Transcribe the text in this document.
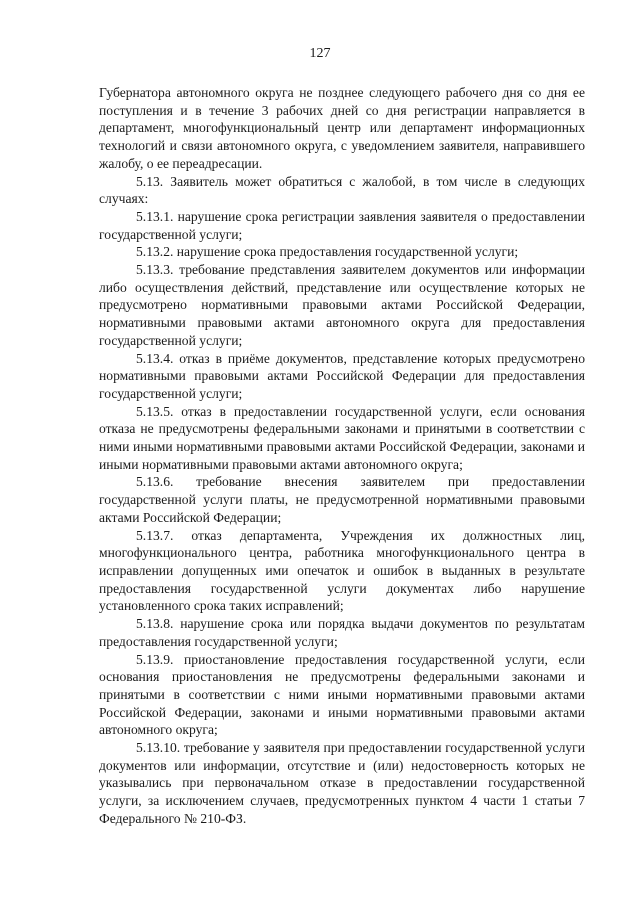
127

Губернатора автономного округа не позднее следующего рабочего дня со дня ее поступления и в течение 3 рабочих дней со дня регистрации направляется в департамент, многофункциональный центр или департамент информационных технологий и связи автономного округа, с уведомлением заявителя, направившего жалобу, о ее переадресации.

5.13. Заявитель может обратиться с жалобой, в том числе в следующих случаях:

5.13.1. нарушение срока регистрации заявления заявителя о предоставлении государственной услуги;

5.13.2. нарушение срока предоставления государственной услуги;

5.13.3. требование представления заявителем документов или информации либо осуществления действий, представление или осуществление которых не предусмотрено нормативными правовыми актами Российской Федерации, нормативными правовыми актами автономного округа для предоставления государственной услуги;

5.13.4. отказ в приёме документов, представление которых предусмотрено нормативными правовыми актами Российской Федерации для предоставления государственной услуги;

5.13.5. отказ в предоставлении государственной услуги, если основания отказа не предусмотрены федеральными законами и принятыми в соответствии с ними иными нормативными правовыми актами Российской Федерации, законами и иными нормативными правовыми актами автономного округа;

5.13.6. требование внесения заявителем при предоставлении государственной услуги платы, не предусмотренной нормативными правовыми актами Российской Федерации;

5.13.7. отказ департамента, Учреждения их должностных лиц, многофункционального центра, работника многофункционального центра в исправлении допущенных ими опечаток и ошибок в выданных в результате предоставления государственной услуги документах либо нарушение установленного срока таких исправлений;

5.13.8. нарушение срока или порядка выдачи документов по результатам предоставления государственной услуги;

5.13.9. приостановление предоставления государственной услуги, если основания приостановления не предусмотрены федеральными законами и принятыми в соответствии с ними иными нормативными правовыми актами Российской Федерации, законами и иными нормативными правовыми актами автономного округа;

5.13.10. требование у заявителя при предоставлении государственной услуги документов или информации, отсутствие и (или) недостоверность которых не указывались при первоначальном отказе в предоставлении государственной услуги, за исключением случаев, предусмотренных пунктом 4 части 1 статьи 7 Федерального № 210-ФЗ.
